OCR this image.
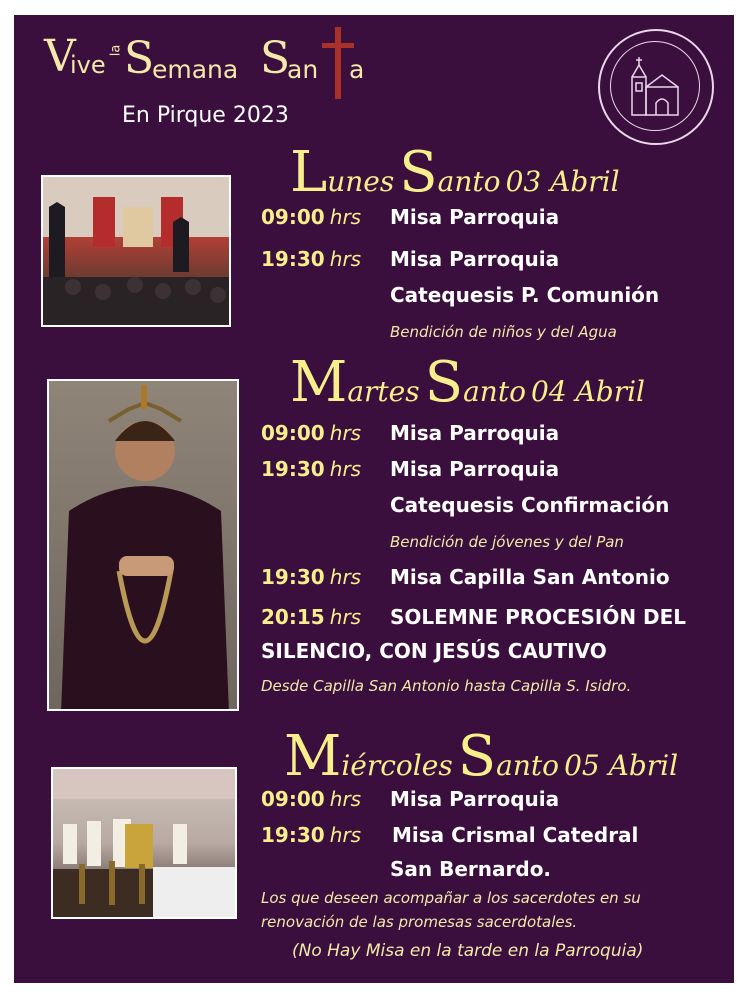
V
ive
la S
emana S
an a
En Pirque 2023
Lunes Santo 03 Abril
09:00 hrs Misa Parroquia
19:30 hrs Misa Parroquia
Catequesis P. Comunión
Bendición de niños y del Agua
Martes Santo 04 Abril
09:00 hrs Misa Parroquia
19:30 hrs Misa Parroquia
Catequesis Confirmación
Bendición de jóvenes y del Pan
19:30 hrs Misa Capilla San Antonio
20:15 hrs SOLEMNE PROCESIÓN DEL
SILENCIO, CON JESÚS CAUTIVO
Desde Capilla San Antonio hasta Capilla S. Isidro.
Miércoles Santo 05 Abril
09:00 hrs Misa Parroquia
19:30 hrs Misa Crismal Catedral
San Bernardo.
Los que deseen acompañar a los sacerdotes en su
renovación de las promesas sacerdotales.
(No Hay Misa en la tarde en la Parroquia)
